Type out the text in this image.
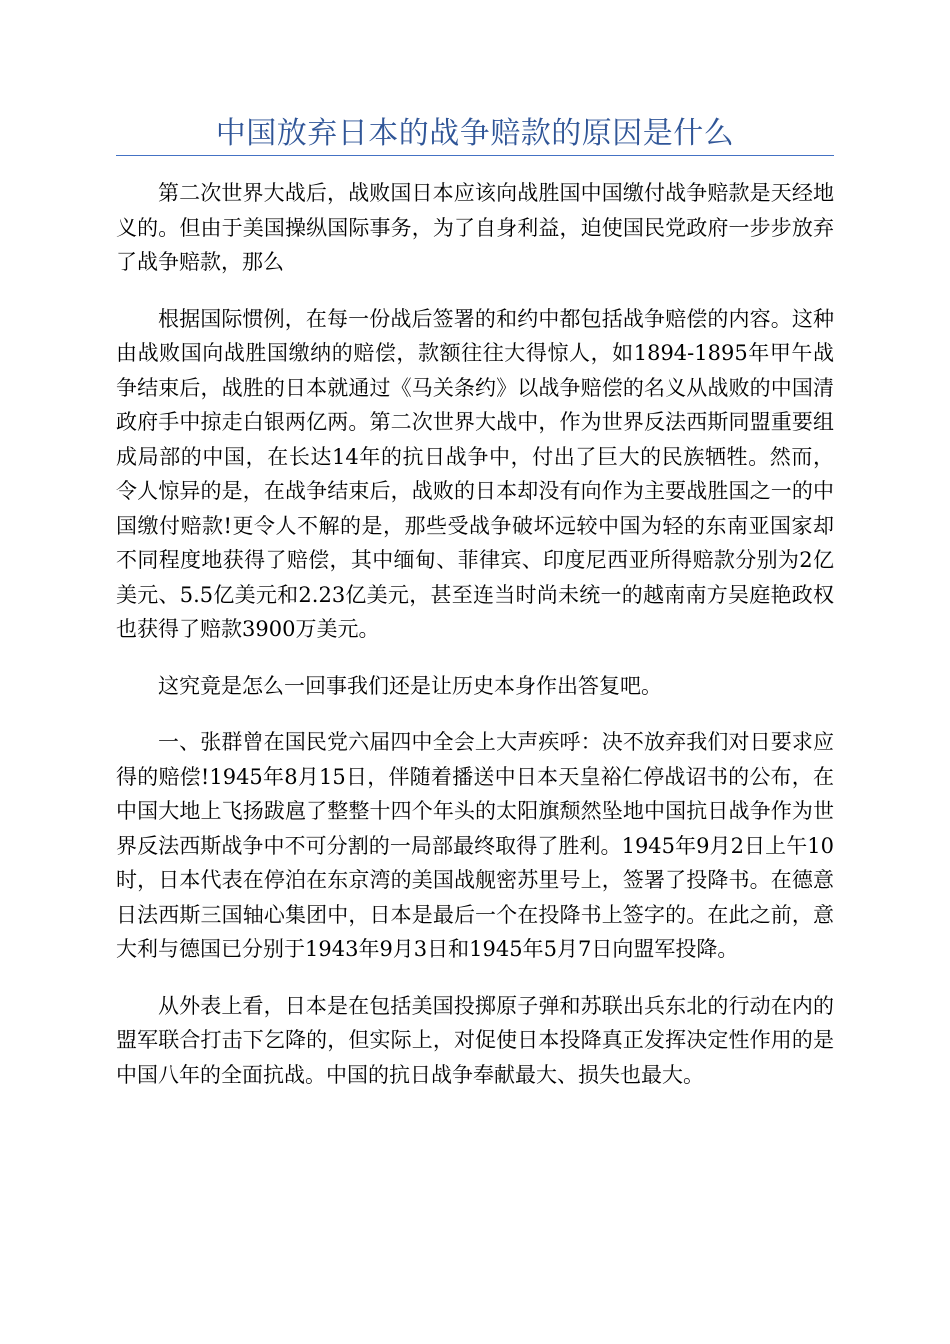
中国放弃日本的战争赔款的原因是什么

第二次世界大战后，战败国日本应该向战胜国中国缴付战争赔款是天经地义的。但由于美国操纵国际事务，为了自身利益，迫使国民党政府一步步放弃了战争赔款，那么

根据国际惯例，在每一份战后签署的和约中都包括战争赔偿的内容。这种由战败国向战胜国缴纳的赔偿，款额往往大得惊人，如1894-1895年甲午战争结束后，战胜的日本就通过《马关条约》以战争赔偿的名义从战败的中国清政府手中掠走白银两亿两。第二次世界大战中，作为世界反法西斯同盟重要组成局部的中国，在长达14年的抗日战争中，付出了巨大的民族牺牲。然而，令人惊异的是，在战争结束后，战败的日本却没有向作为主要战胜国之一的中国缴付赔款!更令人不解的是，那些受战争破坏远较中国为轻的东南亚国家却不同程度地获得了赔偿，其中缅甸、菲律宾、印度尼西亚所得赔款分别为2亿美元、5.5亿美元和2.23亿美元，甚至连当时尚未统一的越南南方吴庭艳政权也获得了赔款3900万美元。

这究竟是怎么一回事我们还是让历史本身作出答复吧。

一、张群曾在国民党六届四中全会上大声疾呼：决不放弃我们对日要求应得的赔偿!1945年8月15日，伴随着播送中日本天皇裕仁停战诏书的公布，在中国大地上飞扬跋扈了整整十四个年头的太阳旗颓然坠地中国抗日战争作为世界反法西斯战争中不可分割的一局部最终取得了胜利。1945年9月2日上午10时，日本代表在停泊在东京湾的美国战舰密苏里号上，签署了投降书。在德意日法西斯三国轴心集团中，日本是最后一个在投降书上签字的。在此之前，意大利与德国已分别于1943年9月3日和1945年5月7日向盟军投降。

从外表上看，日本是在包括美国投掷原子弹和苏联出兵东北的行动在内的盟军联合打击下乞降的，但实际上，对促使日本投降真正发挥决定性作用的是中国八年的全面抗战。中国的抗日战争奉献最大、损失也最大。
